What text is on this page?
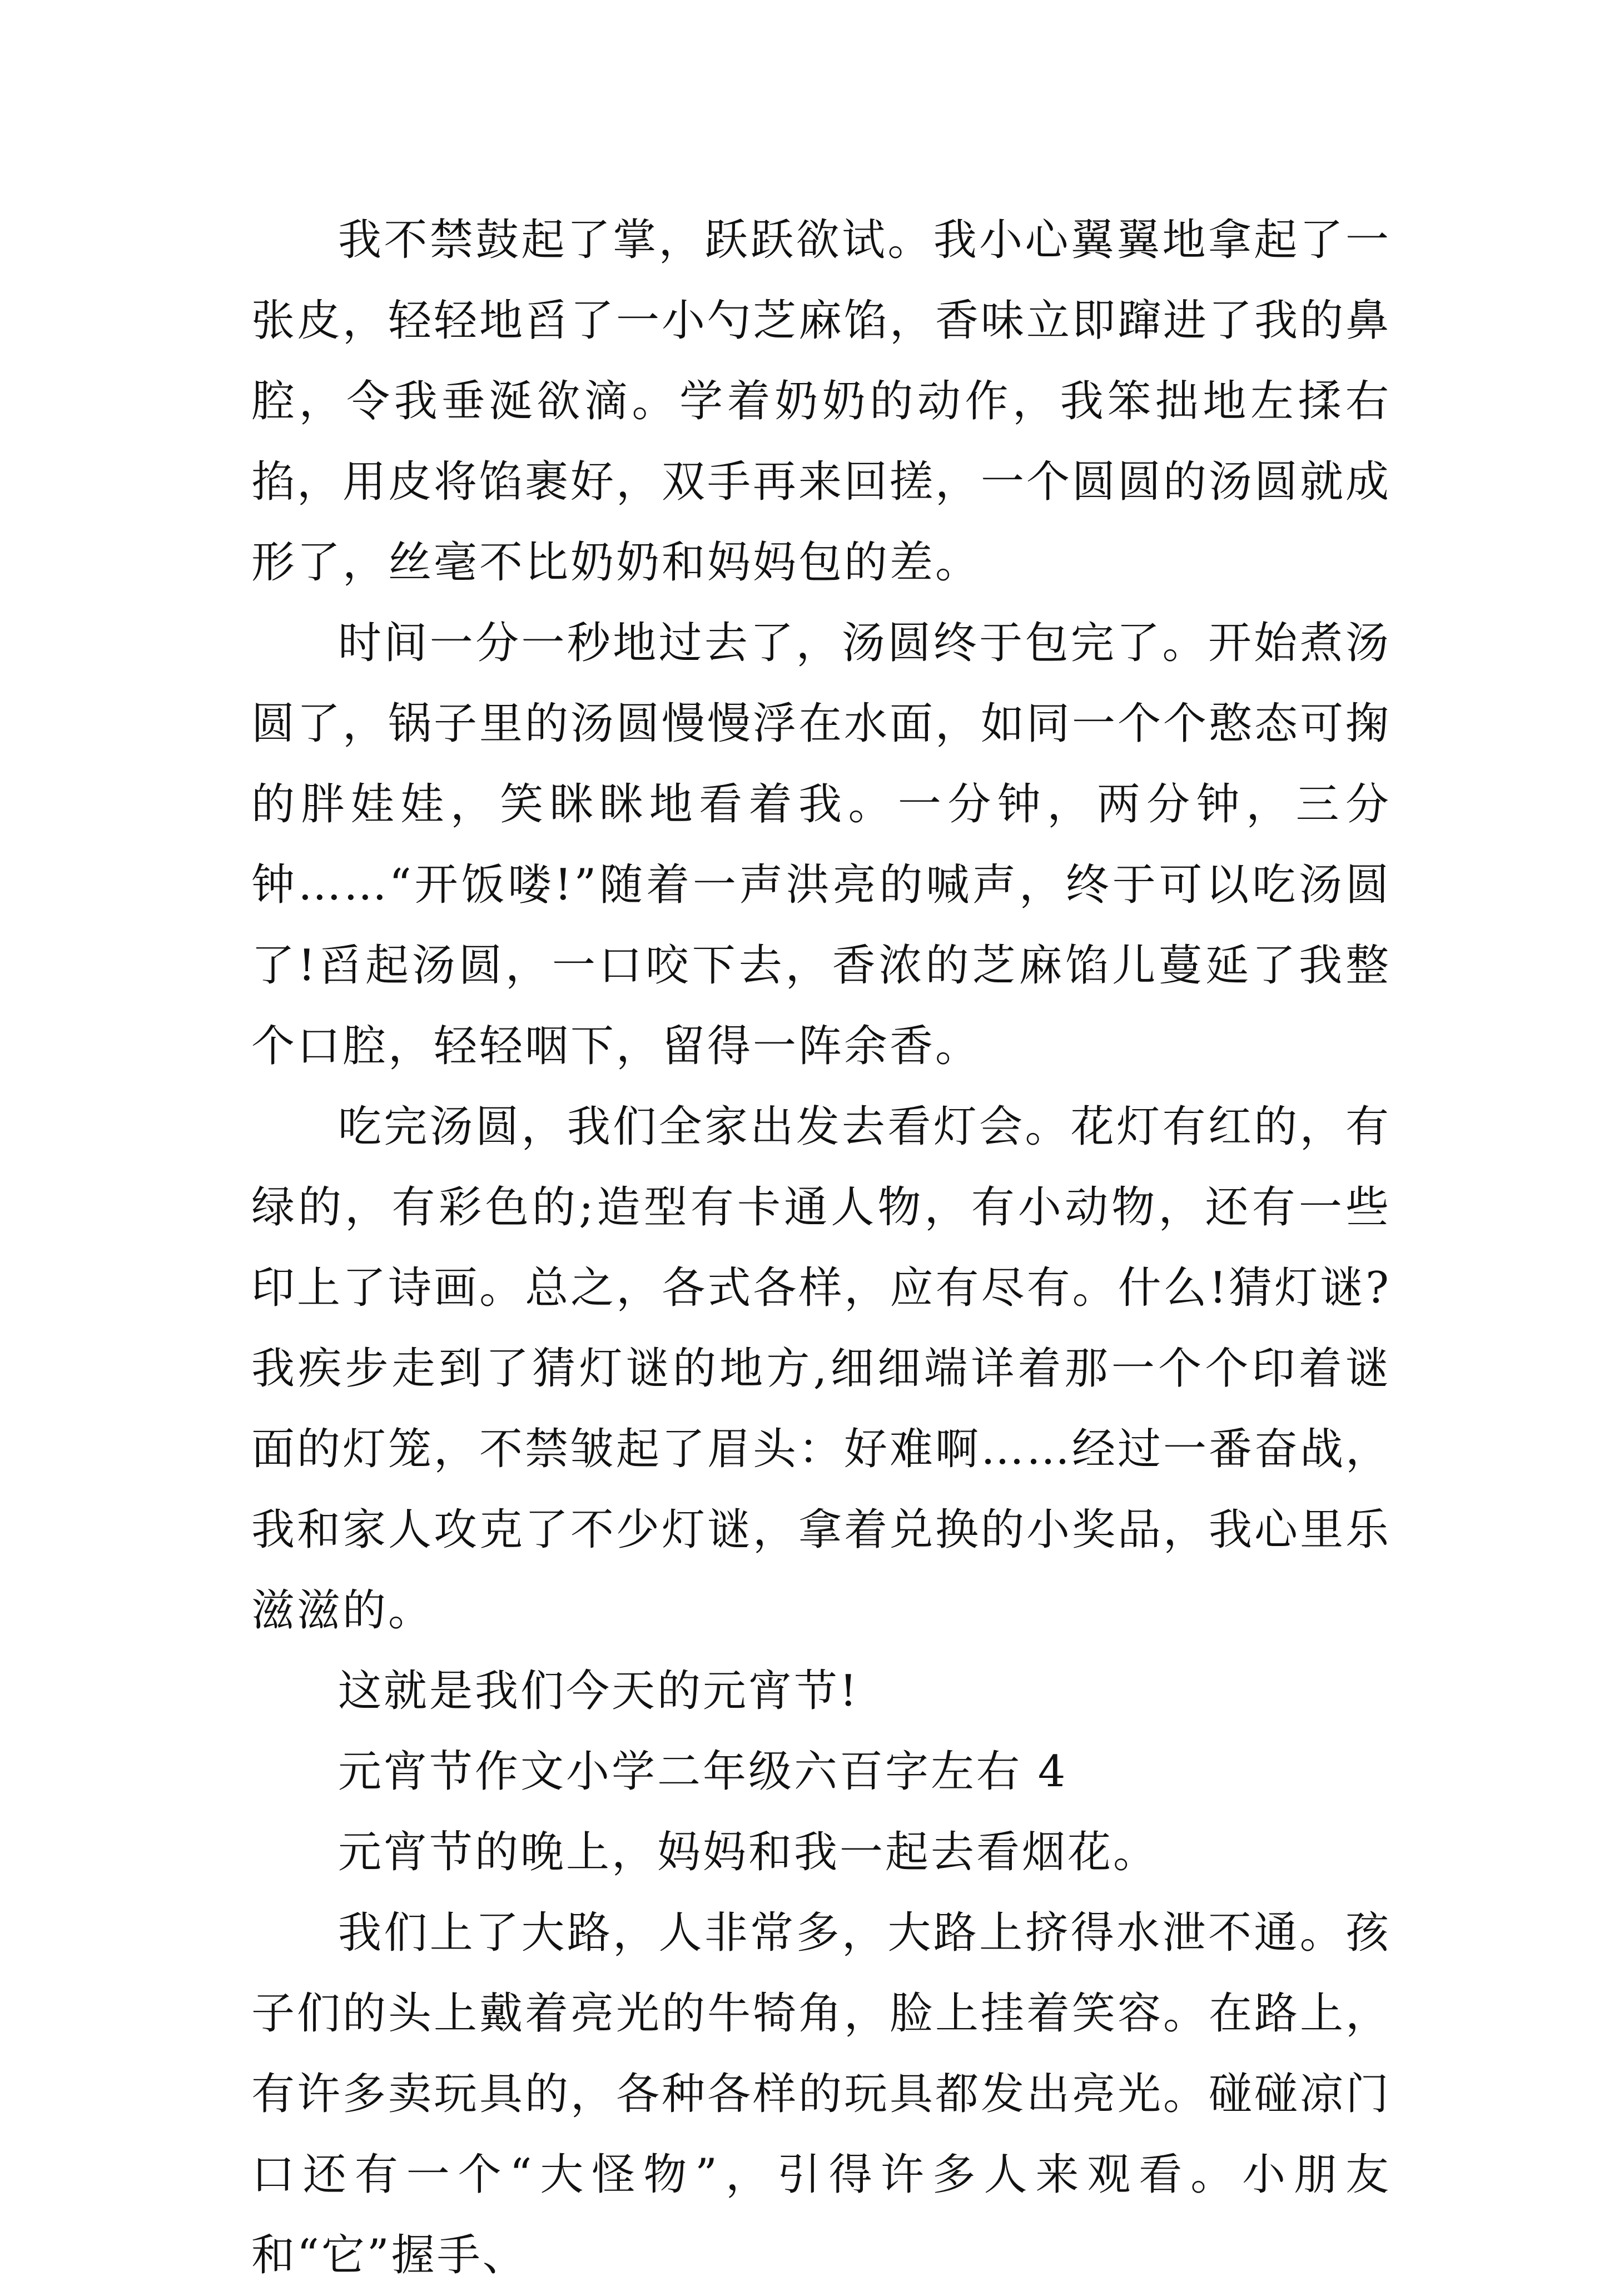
我不禁鼓起了掌，跃跃欲试。我小心翼翼地拿起了一张皮，轻轻地舀了一小勺芝麻馅，香味立即蹿进了我的鼻腔，令我垂涎欲滴。学着奶奶的动作，我笨拙地左揉右掐，用皮将馅裹好，双手再来回搓，一个圆圆的汤圆就成形了，丝毫不比奶奶和妈妈包的差。

时间一分一秒地过去了，汤圆终于包完了。开始煮汤圆了，锅子里的汤圆慢慢浮在水面，如同一个个憨态可掬的胖娃娃，笑眯眯地看着我。一分钟，两分钟，三分钟……“开饭喽!”随着一声洪亮的喊声，终于可以吃汤圆了!舀起汤圆，一口咬下去，香浓的芝麻馅儿蔓延了我整个口腔，轻轻咽下，留得一阵余香。

吃完汤圆，我们全家出发去看灯会。花灯有红的，有绿的，有彩色的;造型有卡通人物，有小动物，还有一些印上了诗画。总之，各式各样，应有尽有。什么!猜灯谜?我疾步走到了猜灯谜的地方,细细端详着那一个个印着谜面的灯笼，不禁皱起了眉头：好难啊……经过一番奋战，我和家人攻克了不少灯谜，拿着兑换的小奖品，我心里乐滋滋的。

这就是我们今天的元宵节!

元宵节作文小学二年级六百字左右 4

元宵节的晚上，妈妈和我一起去看烟花。

我们上了大路，人非常多，大路上挤得水泄不通。孩子们的头上戴着亮光的牛犄角，脸上挂着笑容。在路上，有许多卖玩具的，各种各样的玩具都发出亮光。碰碰凉门口还有一个“大怪物”，引得许多人来观看。小朋友和“它”握手、
